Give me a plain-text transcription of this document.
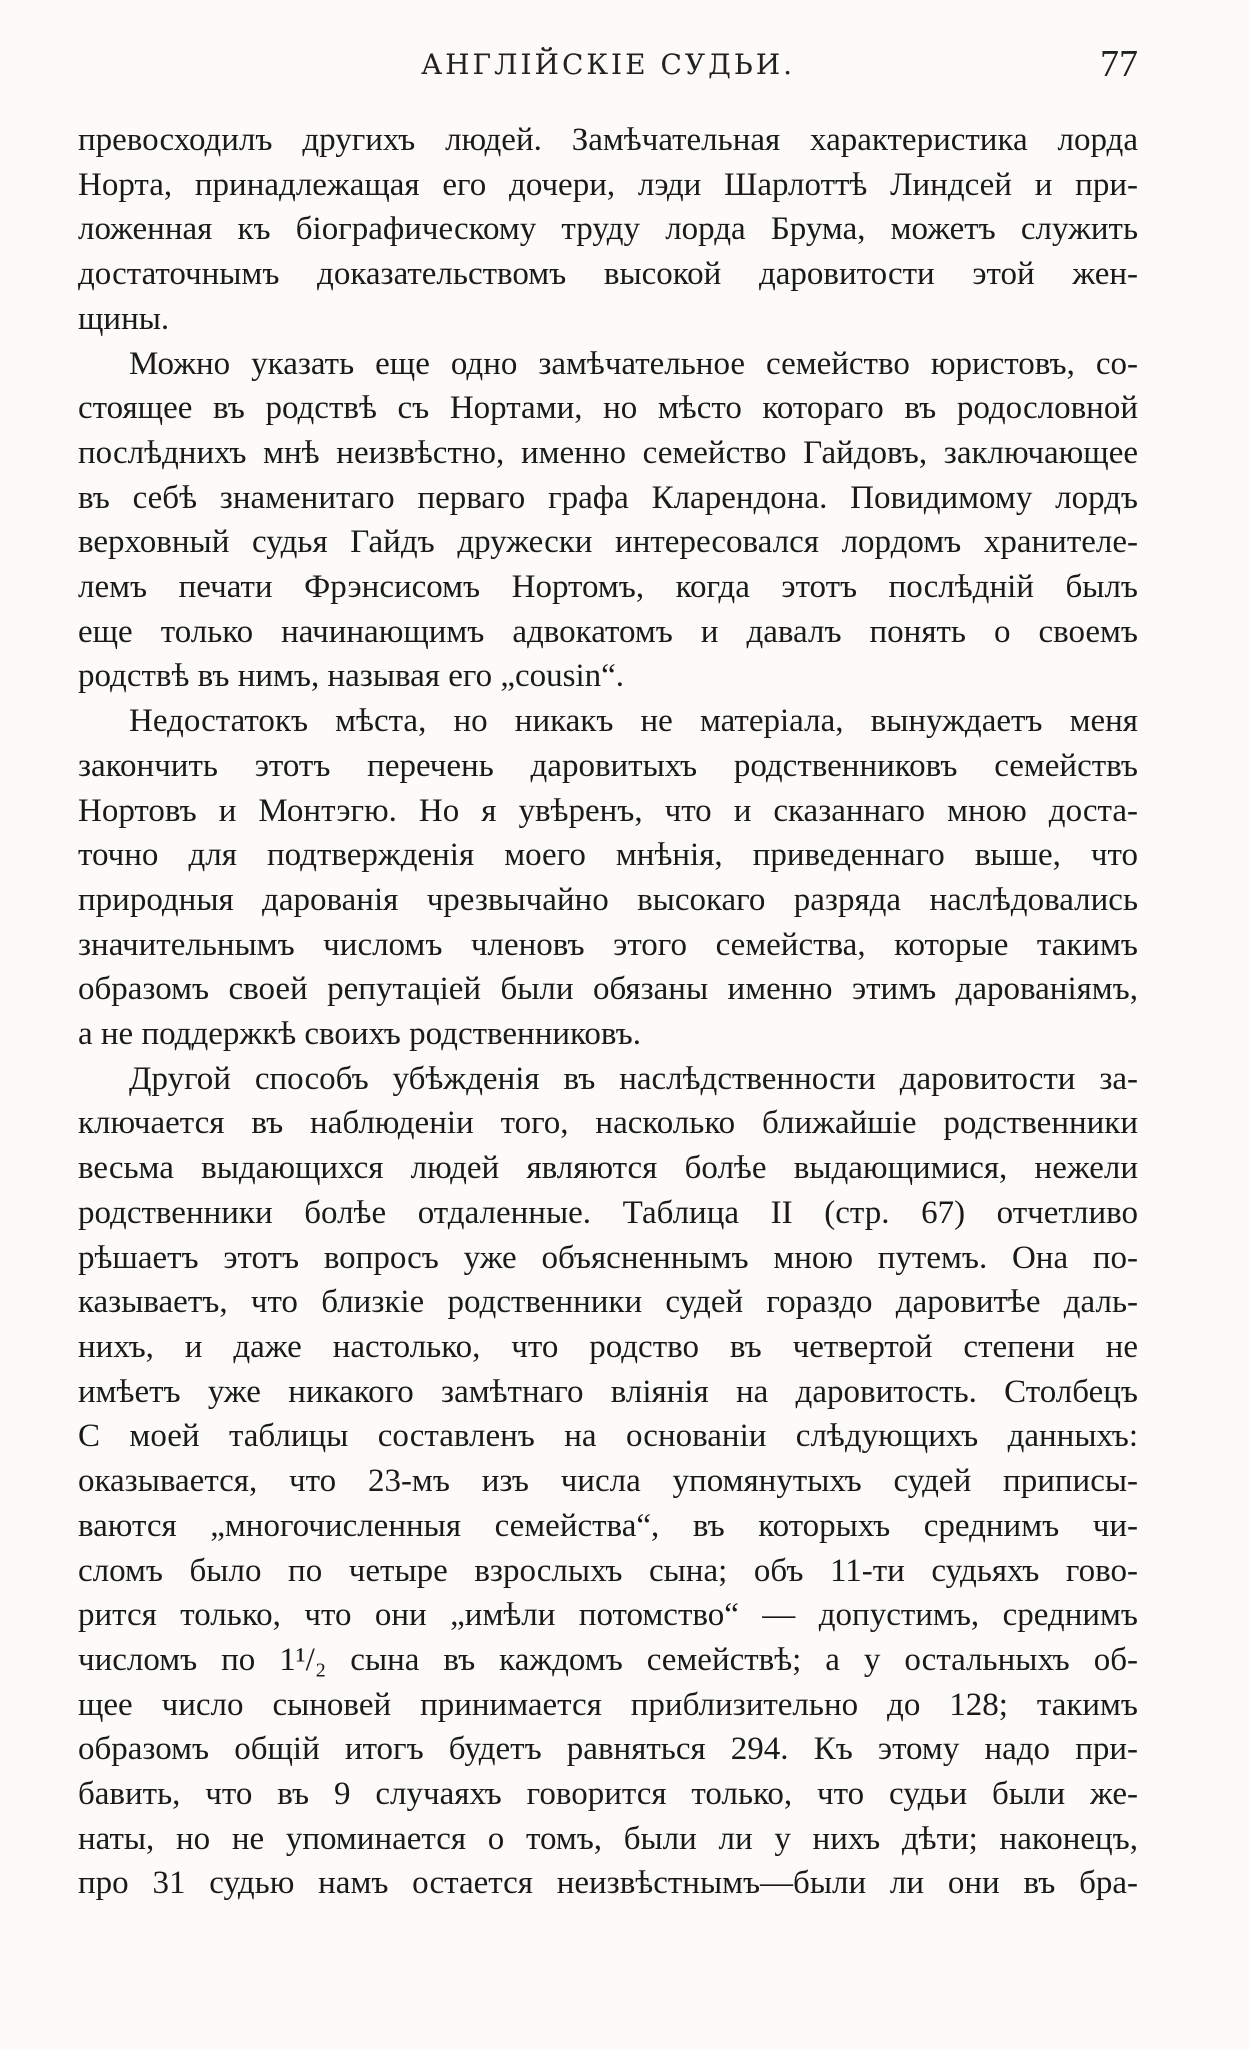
АНГЛІЙСКІЕ СУДЬИ.	77

превосходилъ другихъ людей. Замѣчательная характеристика лорда

Норта, принадлежащая его дочери, лэди Шарлоттѣ Линдсей и при-

ложенная къ біографическому труду лорда Брума, можетъ служить

достаточнымъ доказательствомъ высокой даровитости этой жен-

щины.

Можно указать еще одно замѣчательное семейство юристовъ, со-

стоящее въ родствѣ съ Нортами, но мѣсто котораго въ родословной

послѣднихъ мнѣ неизвѣстно, именно семейство Гайдовъ, заключающее

въ себѣ знаменитаго перваго графа Кларендона. Повидимому лордъ

верховный судья Гайдъ дружески интересовался лордомъ хранителе-

лемъ печати Фрэнсисомъ Нортомъ, когда этотъ послѣдній былъ

еще только начинающимъ адвокатомъ и давалъ понять о своемъ

родствѣ въ нимъ, называя его „cousin“.

Недостатокъ мѣста, но никакъ не матеріала, вынуждаетъ меня

закончить этотъ перечень даровитыхъ родственниковъ семействъ

Нортовъ и Монтэгю. Но я увѣренъ, что и сказаннаго мною доста-

точно для подтвержденія моего мнѣнія, приведеннаго выше, что

природныя дарованія чрезвычайно высокаго разряда наслѣдовались

значительнымъ числомъ членовъ этого семейства, которые такимъ

образомъ своей репутаціей были обязаны именно этимъ дарованіямъ,

а не поддержкѣ своихъ родственниковъ.

Другой способъ убѣжденія въ наслѣдственности даровитости за-

ключается въ наблюденіи того, насколько ближайшіе родственники

весьма выдающихся людей являются болѣе выдающимися, нежели

родственники болѣе отдаленные. Таблица II (стр. 67) отчетливо

рѣшаетъ этотъ вопросъ уже объясненнымъ мною путемъ. Она по-

казываетъ, что близкіе родственники судей гораздо даровитѣе даль-

нихъ, и даже настолько, что родство въ четвертой степени не

имѣетъ уже никакого замѣтнаго вліянія на даровитость. Столбецъ

С моей таблицы составленъ на основаніи слѣдующихъ данныхъ:

оказывается, что 23-мъ изъ числа упомянутыхъ судей приписы-

ваются „многочисленныя семейства“, въ которыхъ среднимъ чи-

сломъ было по четыре взрослыхъ сына; объ 11-ти судьяхъ гово-

рится только, что они „имѣли потомство“ — допустимъ, среднимъ

числомъ по 1¹/₂ сына въ каждомъ семействѣ; а у остальныхъ об-

щее число сыновей принимается приблизительно до 128; такимъ

образомъ общій итогъ будетъ равняться 294. Къ этому надо при-

бавить, что въ 9 случаяхъ говорится только, что судьи были же-

наты, но не упоминается о томъ, были ли у нихъ дѣти; наконецъ,

про 31 судью намъ остается неизвѣстнымъ—были ли они въ бра-
